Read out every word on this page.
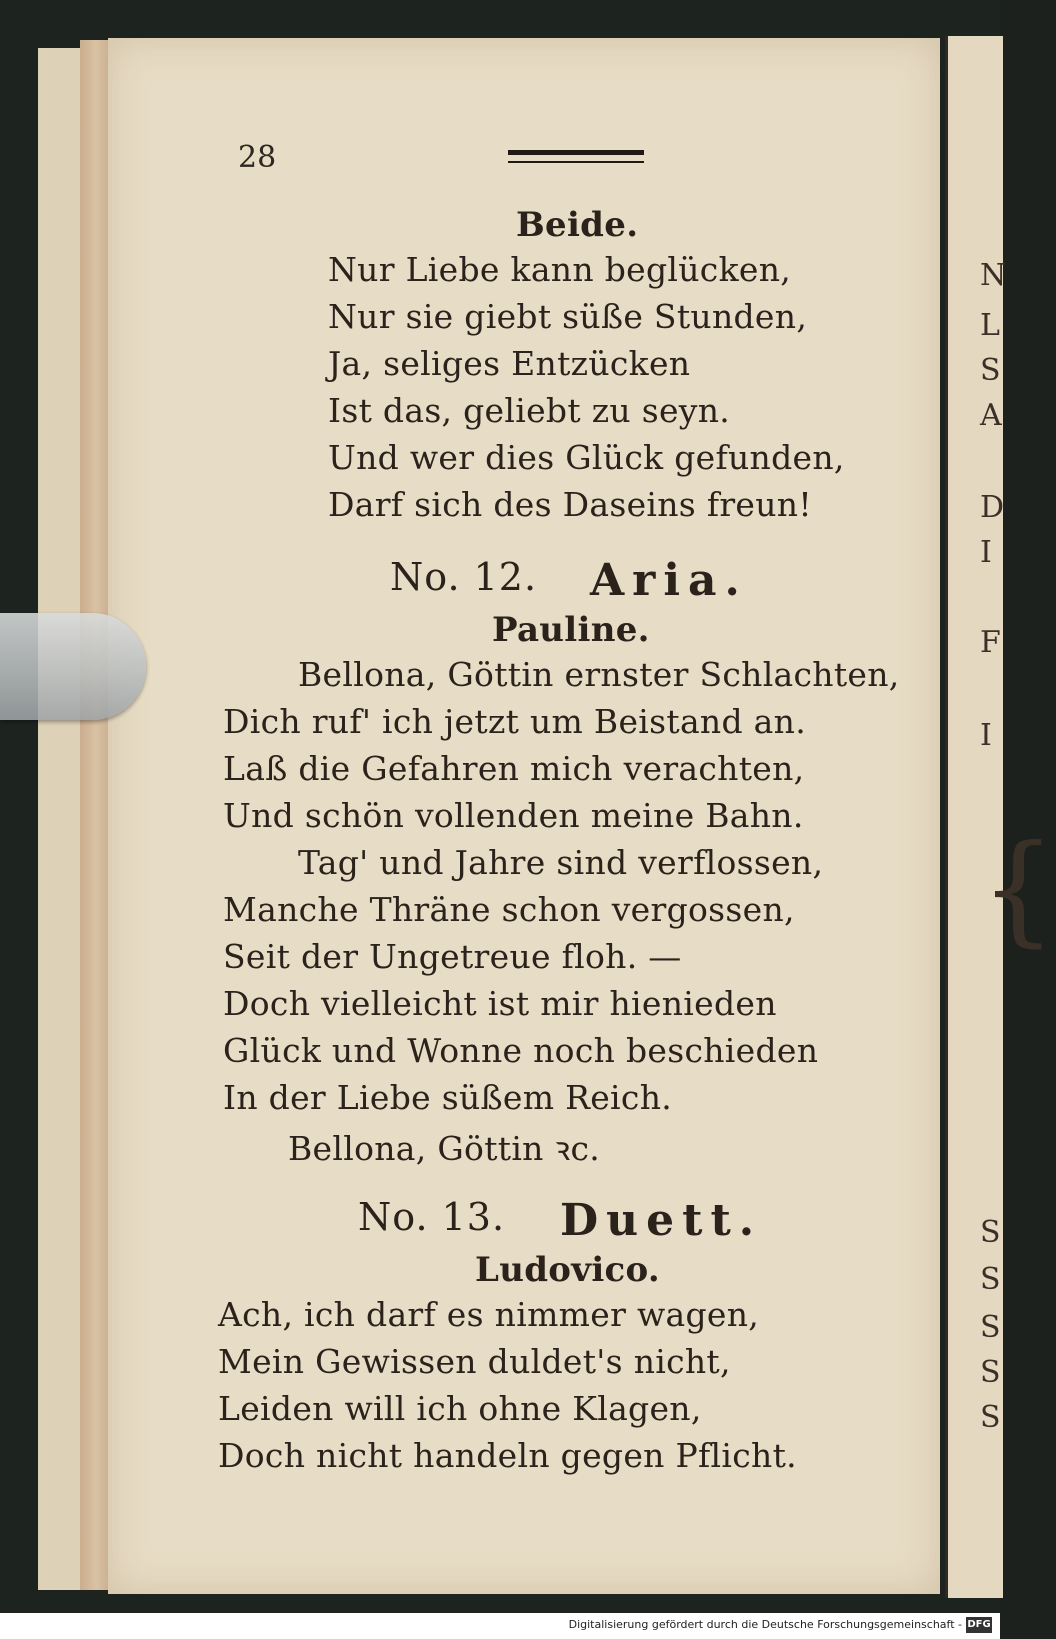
N
L
S
A
D
I
F
I
{
S
S
S
S
S
28
Beide.
Nur Liebe kann beglücken,
Nur sie giebt süße Stunden,
Ja, seliges Entzücken
Ist das, geliebt zu seyn.
Und wer dies Glück gefunden,
Darf sich des Daseins freun!
No. 12. Aria.
Pauline.
Bellona, Göttin ernster Schlachten,
Dich ruf' ich jetzt um Beistand an.
Laß die Gefahren mich verachten,
Und schön vollenden meine Bahn.
Tag' und Jahre sind verflossen,
Manche Thräne schon vergossen,
Seit der Ungetreue floh. —
Doch vielleicht ist mir hienieden
Glück und Wonne noch beschieden
In der Liebe süßem Reich.
Bellona, Göttin ꝛc.
No. 13. Duett.
Ludovico.
Ach, ich darf es nimmer wagen,
Mein Gewissen duldet's nicht,
Leiden will ich ohne Klagen,
Doch nicht handeln gegen Pflicht.
Digitalisierung gefördert durch die Deutsche Forschungsgemeinschaft - DFG
